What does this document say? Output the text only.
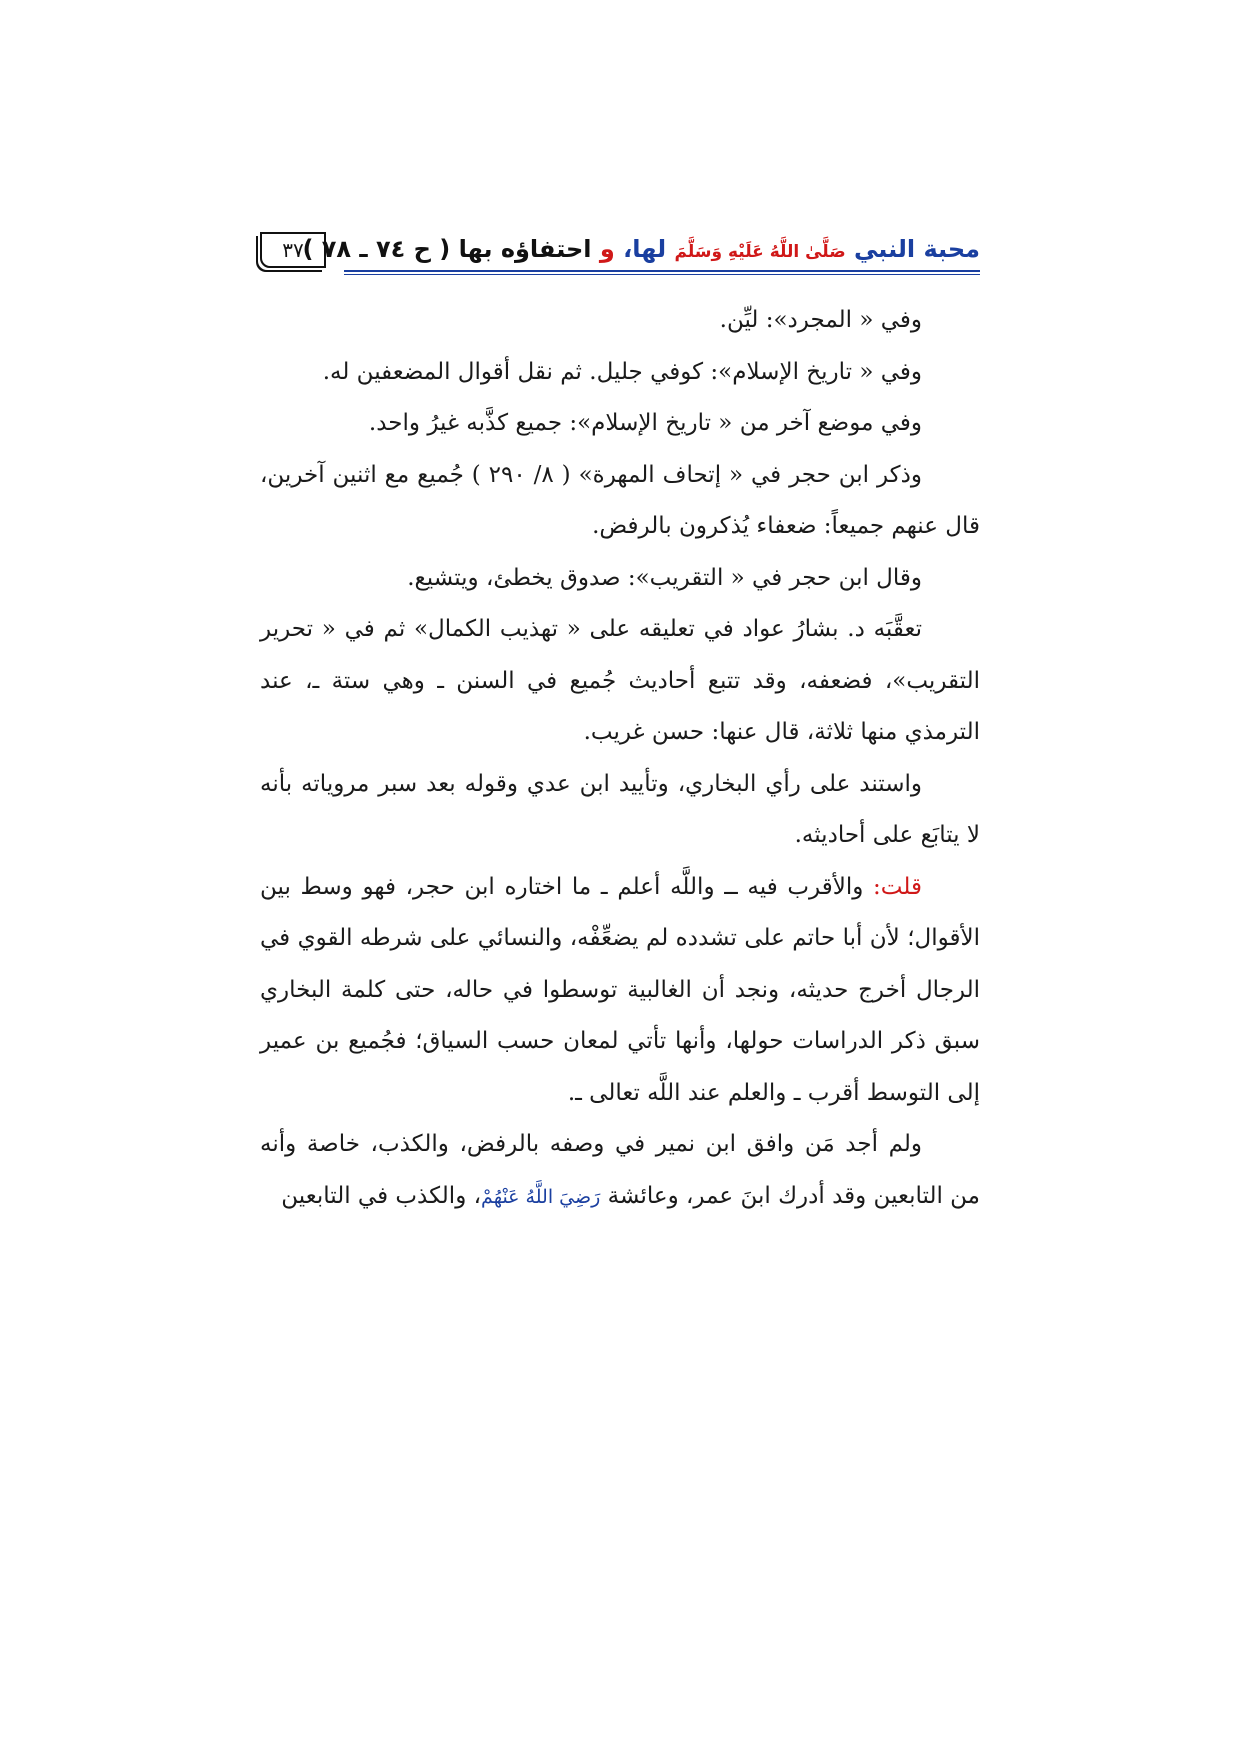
محبة النبي صَلَّىٰ اللَّهُ عَلَيْهِ وَسَلَّمَ لها، و احتفاؤه بها ( ح ٧٤ ـ ٧٨ )
٣٧

وفي « المجرد»: ليِّن.

وفي « تاريخ الإسلام»: كوفي جليل. ثم نقل أقوال المضعفين له.

وفي موضع آخر من « تاريخ الإسلام»: جميع كذَّبه غيرُ واحد.

وذكر ابن حجر في « إتحاف المهرة» ( ٨/ ٢٩٠ ) جُميع مع اثنين آخرين، قال عنهم جميعاً: ضعفاء يُذكرون بالرفض.

وقال ابن حجر في « التقريب»: صدوق يخطئ، ويتشيع.

تعقَّبَه د. بشارُ عواد في تعليقه على « تهذيب الكمال» ثم في « تحرير التقريب»، فضعفه، وقد تتبع أحاديث جُميع في السنن ـ وهي ستة ـ، عند الترمذي منها ثلاثة، قال عنها: حسن غريب.

واستند على رأي البخاري، وتأييد ابن عدي وقوله بعد سبر مروياته بأنه لا يتابَع على أحاديثه.

قلت: والأقرب فيه ــ واللَّه أعلم ـ ما اختاره ابن حجر، فهو وسط بين الأقوال؛ لأن أبا حاتم على تشدده لم يضعِّفْه، والنسائي على شرطه القوي في الرجال أخرج حديثه، ونجد أن الغالبية توسطوا في حاله، حتى كلمة البخاري سبق ذكر الدراسات حولها، وأنها تأتي لمعان حسب السياق؛ فجُميع بن عمير إلى التوسط أقرب ـ والعلم عند اللَّه تعالى ـ.

ولم أجد مَن وافق ابن نمير في وصفه بالرفض، والكذب، خاصة وأنه من التابعين وقد أدرك ابنَ عمر، وعائشة رَضِيَ اللَّهُ عَنْهُمْ، والكذب في التابعين
